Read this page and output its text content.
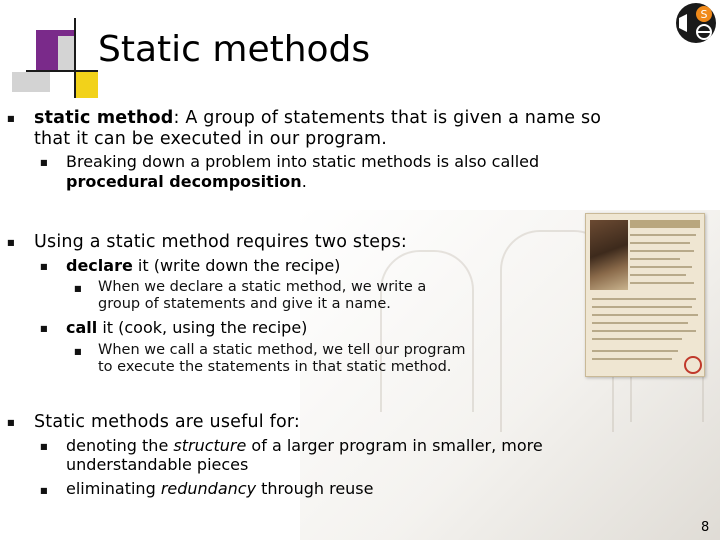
Static methods
S
■ static method: A group of statements that is given a name so
that it can be executed in our program.
■ Breaking down a problem into static methods is also called
procedural decomposition.
■ Using a static method requires two steps:
■ declare it (write down the recipe)
■ When we declare a static method, we write a
group of statements and give it a name.
■ call it (cook, using the recipe)
■ When we call a static method, we tell our program
to execute the statements in that static method.
■ Static methods are useful for:
■ denoting the structure of a larger program in smaller, more
understandable pieces
■ eliminating redundancy through reuse
8
